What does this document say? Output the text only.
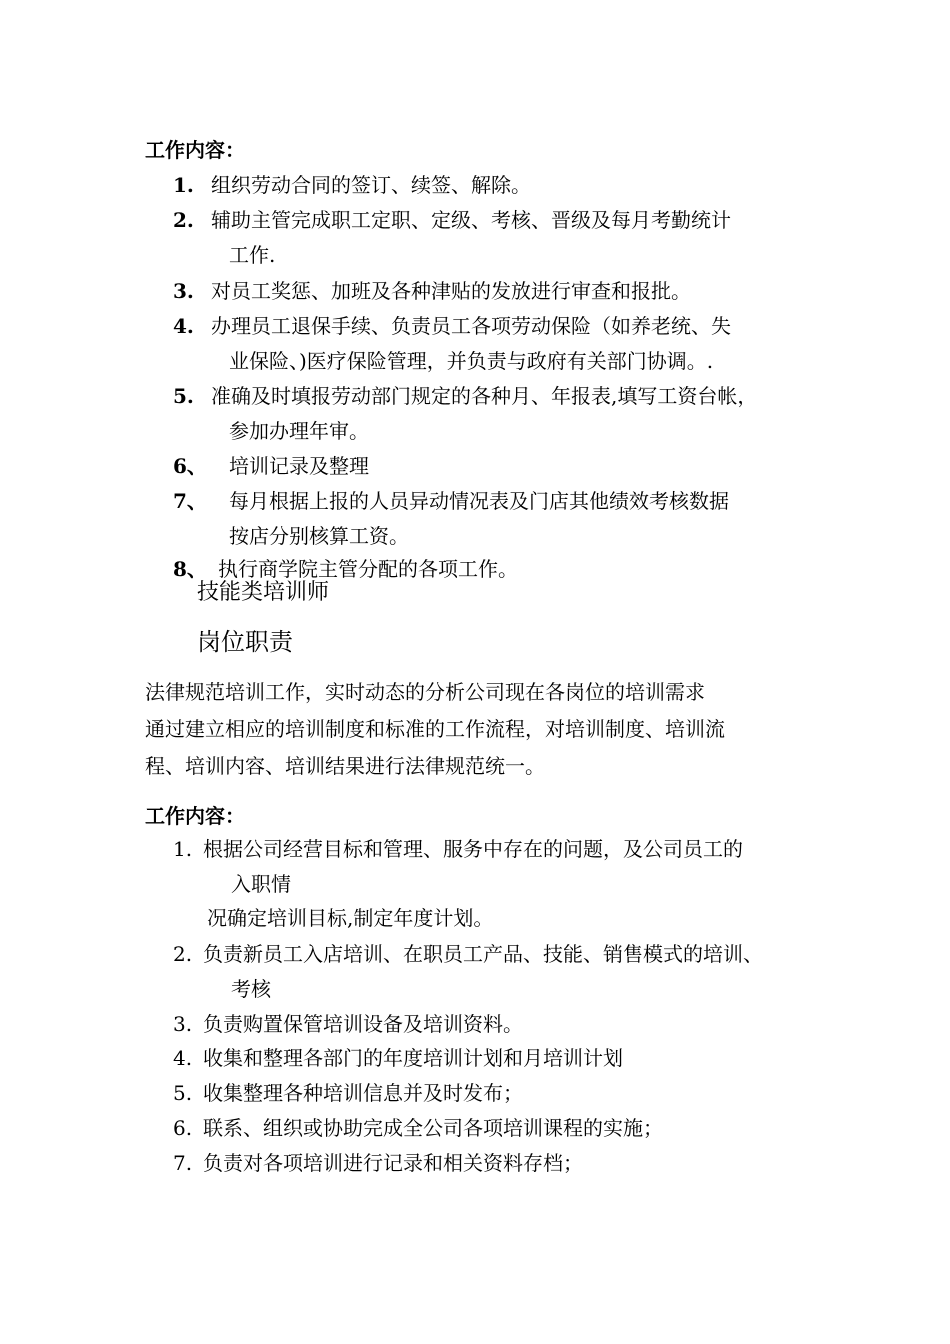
工作内容：
1. 组织劳动合同的签订、续签、解除。
2. 辅助主管完成职工定职、定级、考核、晋级及每月考勤统计
工作.
3. 对员工奖惩、加班及各种津贴的发放进行审查和报批。
4. 办理员工退保手续、负责员工各项劳动保险（如养老统、失
业保险、)医疗保险管理，并负责与政府有关部门协调。.
5. 准确及时填报劳动部门规定的各种月、年报表,填写工资台帐，
参加办理年审。
6、 培训记录及整理
7、 每月根据上报的人员异动情况表及门店其他绩效考核数据
按店分别核算工资。
8、 执行商学院主管分配的各项工作。
技能类培训师
岗位职责
法律规范培训工作，实时动态的分析公司现在各岗位的培训需求
通过建立相应的培训制度和标准的工作流程，对培训制度、培训流
程、培训内容、培训结果进行法律规范统一。
工作内容：
1. 根据公司经营目标和管理、服务中存在的问题，及公司员工的
入职情
况确定培训目标,制定年度计划。
2. 负责新员工入店培训、在职员工产品、技能、销售模式的培训、
考核
3. 负责购置保管培训设备及培训资料。
4. 收集和整理各部门的年度培训计划和月培训计划
5. 收集整理各种培训信息并及时发布；
6. 联系、组织或协助完成全公司各项培训课程的实施；
7. 负责对各项培训进行记录和相关资料存档；
